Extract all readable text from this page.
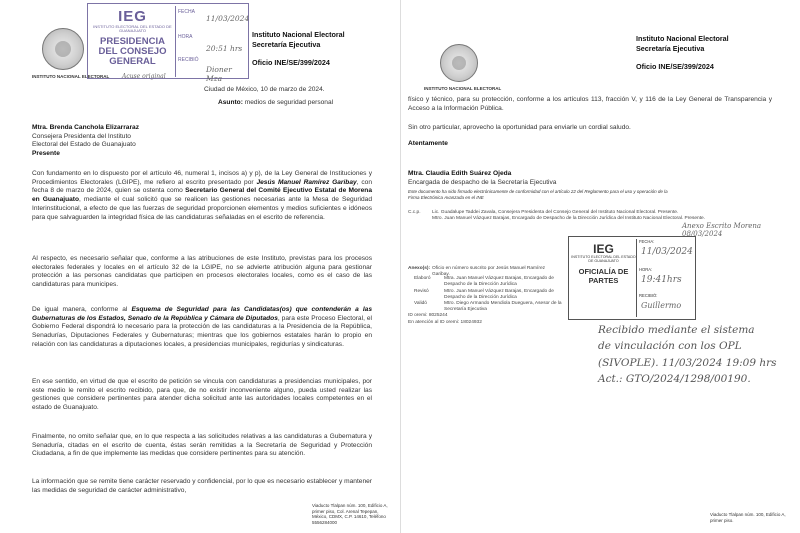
INSTITUTO NACIONAL ELECTORAL Acuse original
IEG
INSTITUTO ELECTORAL DEL ESTADO DE GUANAJUATO
PRESIDENCIA DEL CONSEJO GENERAL
FECHA
11/03/2024
HORA
20:51 hrs
RECIBIÓ
Dioner Mza
Instituto Nacional Electoral
Secretaría Ejecutiva
Oficio INE/SE/399/2024
Ciudad de México, 10 de marzo de 2024.
Asunto: medios de seguridad personal
Mtra. Brenda Canchola Elizarraraz
Consejera Presidenta del Instituto
Electoral del Estado de Guanajuato
Presente
Con fundamento en lo dispuesto por el artículo 46, numeral 1, incisos a) y p), de la Ley General de Instituciones y Procedimientos Electorales (LGIPE), me refiero al escrito presentado por Jesús Manuel Ramírez Garibay, con fecha 8 de marzo de 2024, quien se ostenta como Secretario General del Comité Ejecutivo Estatal de Morena en Guanajuato, mediante el cual solicitó que se realicen las gestiones necesarias ante la Mesa de Seguridad Interinstitucional, a efecto de que las fuerzas de seguridad proporcionen elementos y medios suficientes e idóneos para que salvaguarden la integridad física de las candidaturas señaladas en el escrito de referencia.
Al respecto, es necesario señalar que, conforme a las atribuciones de este Instituto, previstas para los procesos electorales federales y locales en el artículo 32 de la LGIPE, no se advierte atribución alguna para gestionar protección a las personas candidatas que participen en procesos electorales locales, como es el caso de las candidaturas para municipes.
De igual manera, conforme al Esquema de Seguridad para las Candidatas(os) que contenderán a las Gubernaturas de los Estados, Senado de la República y Cámara de Diputados, para este Proceso Electoral, el Gobierno Federal dispondrá lo necesario para la protección de las candidaturas a la Presidencia de la República, Senadurías, Diputaciones Federales y Gubernaturas; mientras que los gobiernos estatales harán lo propio en relación con las candidaturas a diputaciones locales, a presidencias municipales, regidurías y sindicaturas.
En ese sentido, en virtud de que el escrito de petición se vincula con candidaturas a presidencias municipales, por este medio le remito el escrito recibido, para que, de no existir inconveniente alguno, pueda usted realizar las gestiones que considere pertinentes para atender dicha solicitud ante las autoridades locales competentes en el estado de Guanajuato.
Finalmente, no omito señalar que, en lo que respecta a las solicitudes relativas a las candidaturas a Gubernatura y Senaduría, citadas en el escrito de cuenta, éstas serán remitidas a la Secretaría de Seguridad y Protección Ciudadana, a fin de que implemente las medidas que considere pertinentes para su atención.
La información que se remite tiene carácter reservado y confidencial, por lo que es necesario establecer y mantener las medidas de seguridad de carácter administrativo,
Viaducto Tlalpan núm. 100, Edificio A, primer piso, Col. Arenal Tepepan, México, CDMX, C.P. 14610, Teléfono 5556284000
INSTITUTO NACIONAL ELECTORAL
Instituto Nacional Electoral
Secretaría Ejecutiva
Oficio INE/SE/399/2024
físico y técnico, para su protección, conforme a los artículos 113, fracción V, y 116 de la Ley General de Transparencia y Acceso a la Información Pública.
Sin otro particular, aprovecho la oportunidad para enviarle un cordial saludo.
Atentamente
Mtra. Claudia Edith Suárez Ojeda
Encargada de despacho de la Secretaría Ejecutiva
Este documento ha sido firmado electrónicamente de conformidad con el artículo 22 del Reglamento para el uso y operación de la Firma Electrónica Avanzada en el INE
C.c.p. Lic. Guadalupe Taddei Zavala, Consejera Presidenta del Consejo General del Instituto Nacional Electoral. Presente.
Mtro. Juan Manuel Vázquez Barajas, Encargado de Despacho de la Dirección Jurídica del Instituto Nacional Electoral. Presente.
Anexo Escrito Morena 08/03/2024
Anexo(s): Oficio en número suscrito por Jesús Manuel Ramírez Garibay.
Elaboró	Mtra. Juan Manuel Vázquez Barajas, Encargado de Despacho de la Dirección Jurídica
Revisó	Mtro. Juan Manuel Vázquez Barajas, Encargado de Despacho de la Dirección Jurídica
Validó	Mtro. Diego Armando Mendiola Dueguera, Asesor de la Secretaría Ejecutiva
ID oremi: 8025244
En atención al ID oremi: 18024932
IEG
INSTITUTO ELECTORAL DEL ESTADO DE GUANAJUATO
OFICIALÍA DE PARTES
FECHA:
11/03/2024
HORA:
19:41hrs
RECIBIÓ:
Guillermo
Recibido mediante el sistema
de vinculación con los OPL
(SIVOPLE). 11/03/2024 19:09 hrs
Act.: GTO/2024/1298/00190.
Viaducto Tlalpan núm. 100, Edificio A, primer piso.
